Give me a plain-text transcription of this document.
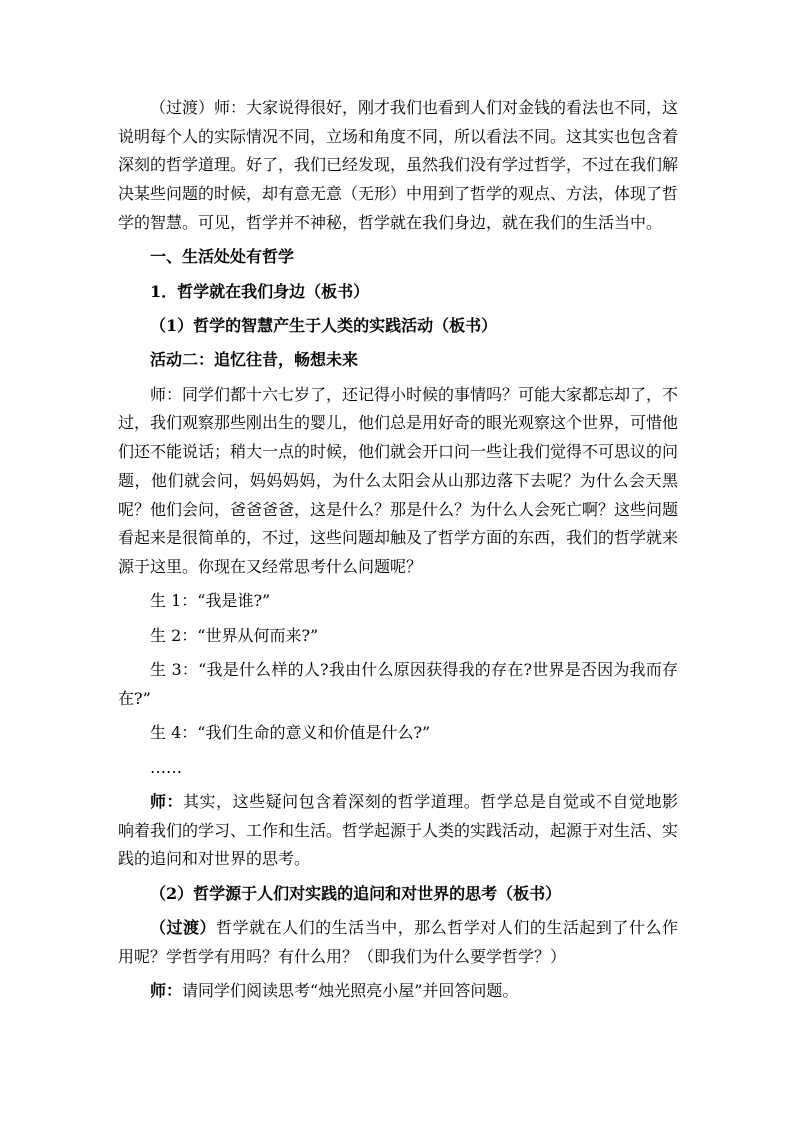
（过渡）师：大家说得很好，刚才我们也看到人们对金钱的看法也不同，这说明每个人的实际情况不同，立场和角度不同，所以看法不同。这其实也包含着深刻的哲学道理。好了，我们已经发现，虽然我们没有学过哲学，不过在我们解决某些问题的时候，却有意无意（无形）中用到了哲学的观点、方法，体现了哲学的智慧。可见，哲学并不神秘，哲学就在我们身边，就在我们的生活当中。

一、生活处处有哲学

1．哲学就在我们身边（板书）

（1）哲学的智慧产生于人类的实践活动（板书）

活动二：追忆往昔，畅想未来

师：同学们都十六七岁了，还记得小时候的事情吗？可能大家都忘却了，不过，我们观察那些刚出生的婴儿，他们总是用好奇的眼光观察这个世界，可惜他们还不能说话；稍大一点的时候，他们就会开口问一些让我们觉得不可思议的问题，他们就会问，妈妈妈妈，为什么太阳会从山那边落下去呢？为什么会天黑呢？他们会问，爸爸爸爸，这是什么？那是什么？为什么人会死亡啊？这些问题看起来是很简单的，不过，这些问题却触及了哲学方面的东西，我们的哲学就来源于这里。你现在又经常思考什么问题呢？

生 1：“我是谁?”

生 2：“世界从何而来?”

生 3：“我是什么样的人?我由什么原因获得我的存在?世界是否因为我而存在?”

生 4：“我们生命的意义和价值是什么?”

……

师：其实，这些疑问包含着深刻的哲学道理。哲学总是自觉或不自觉地影响着我们的学习、工作和生活。哲学起源于人类的实践活动，起源于对生活、实践的追问和对世界的思考。

（2）哲学源于人们对实践的追问和对世界的思考（板书）

（过渡）哲学就在人们的生活当中，那么哲学对人们的生活起到了什么作用呢？学哲学有用吗？有什么用？（即我们为什么要学哲学？）

师：请同学们阅读思考“烛光照亮小屋”并回答问题。
